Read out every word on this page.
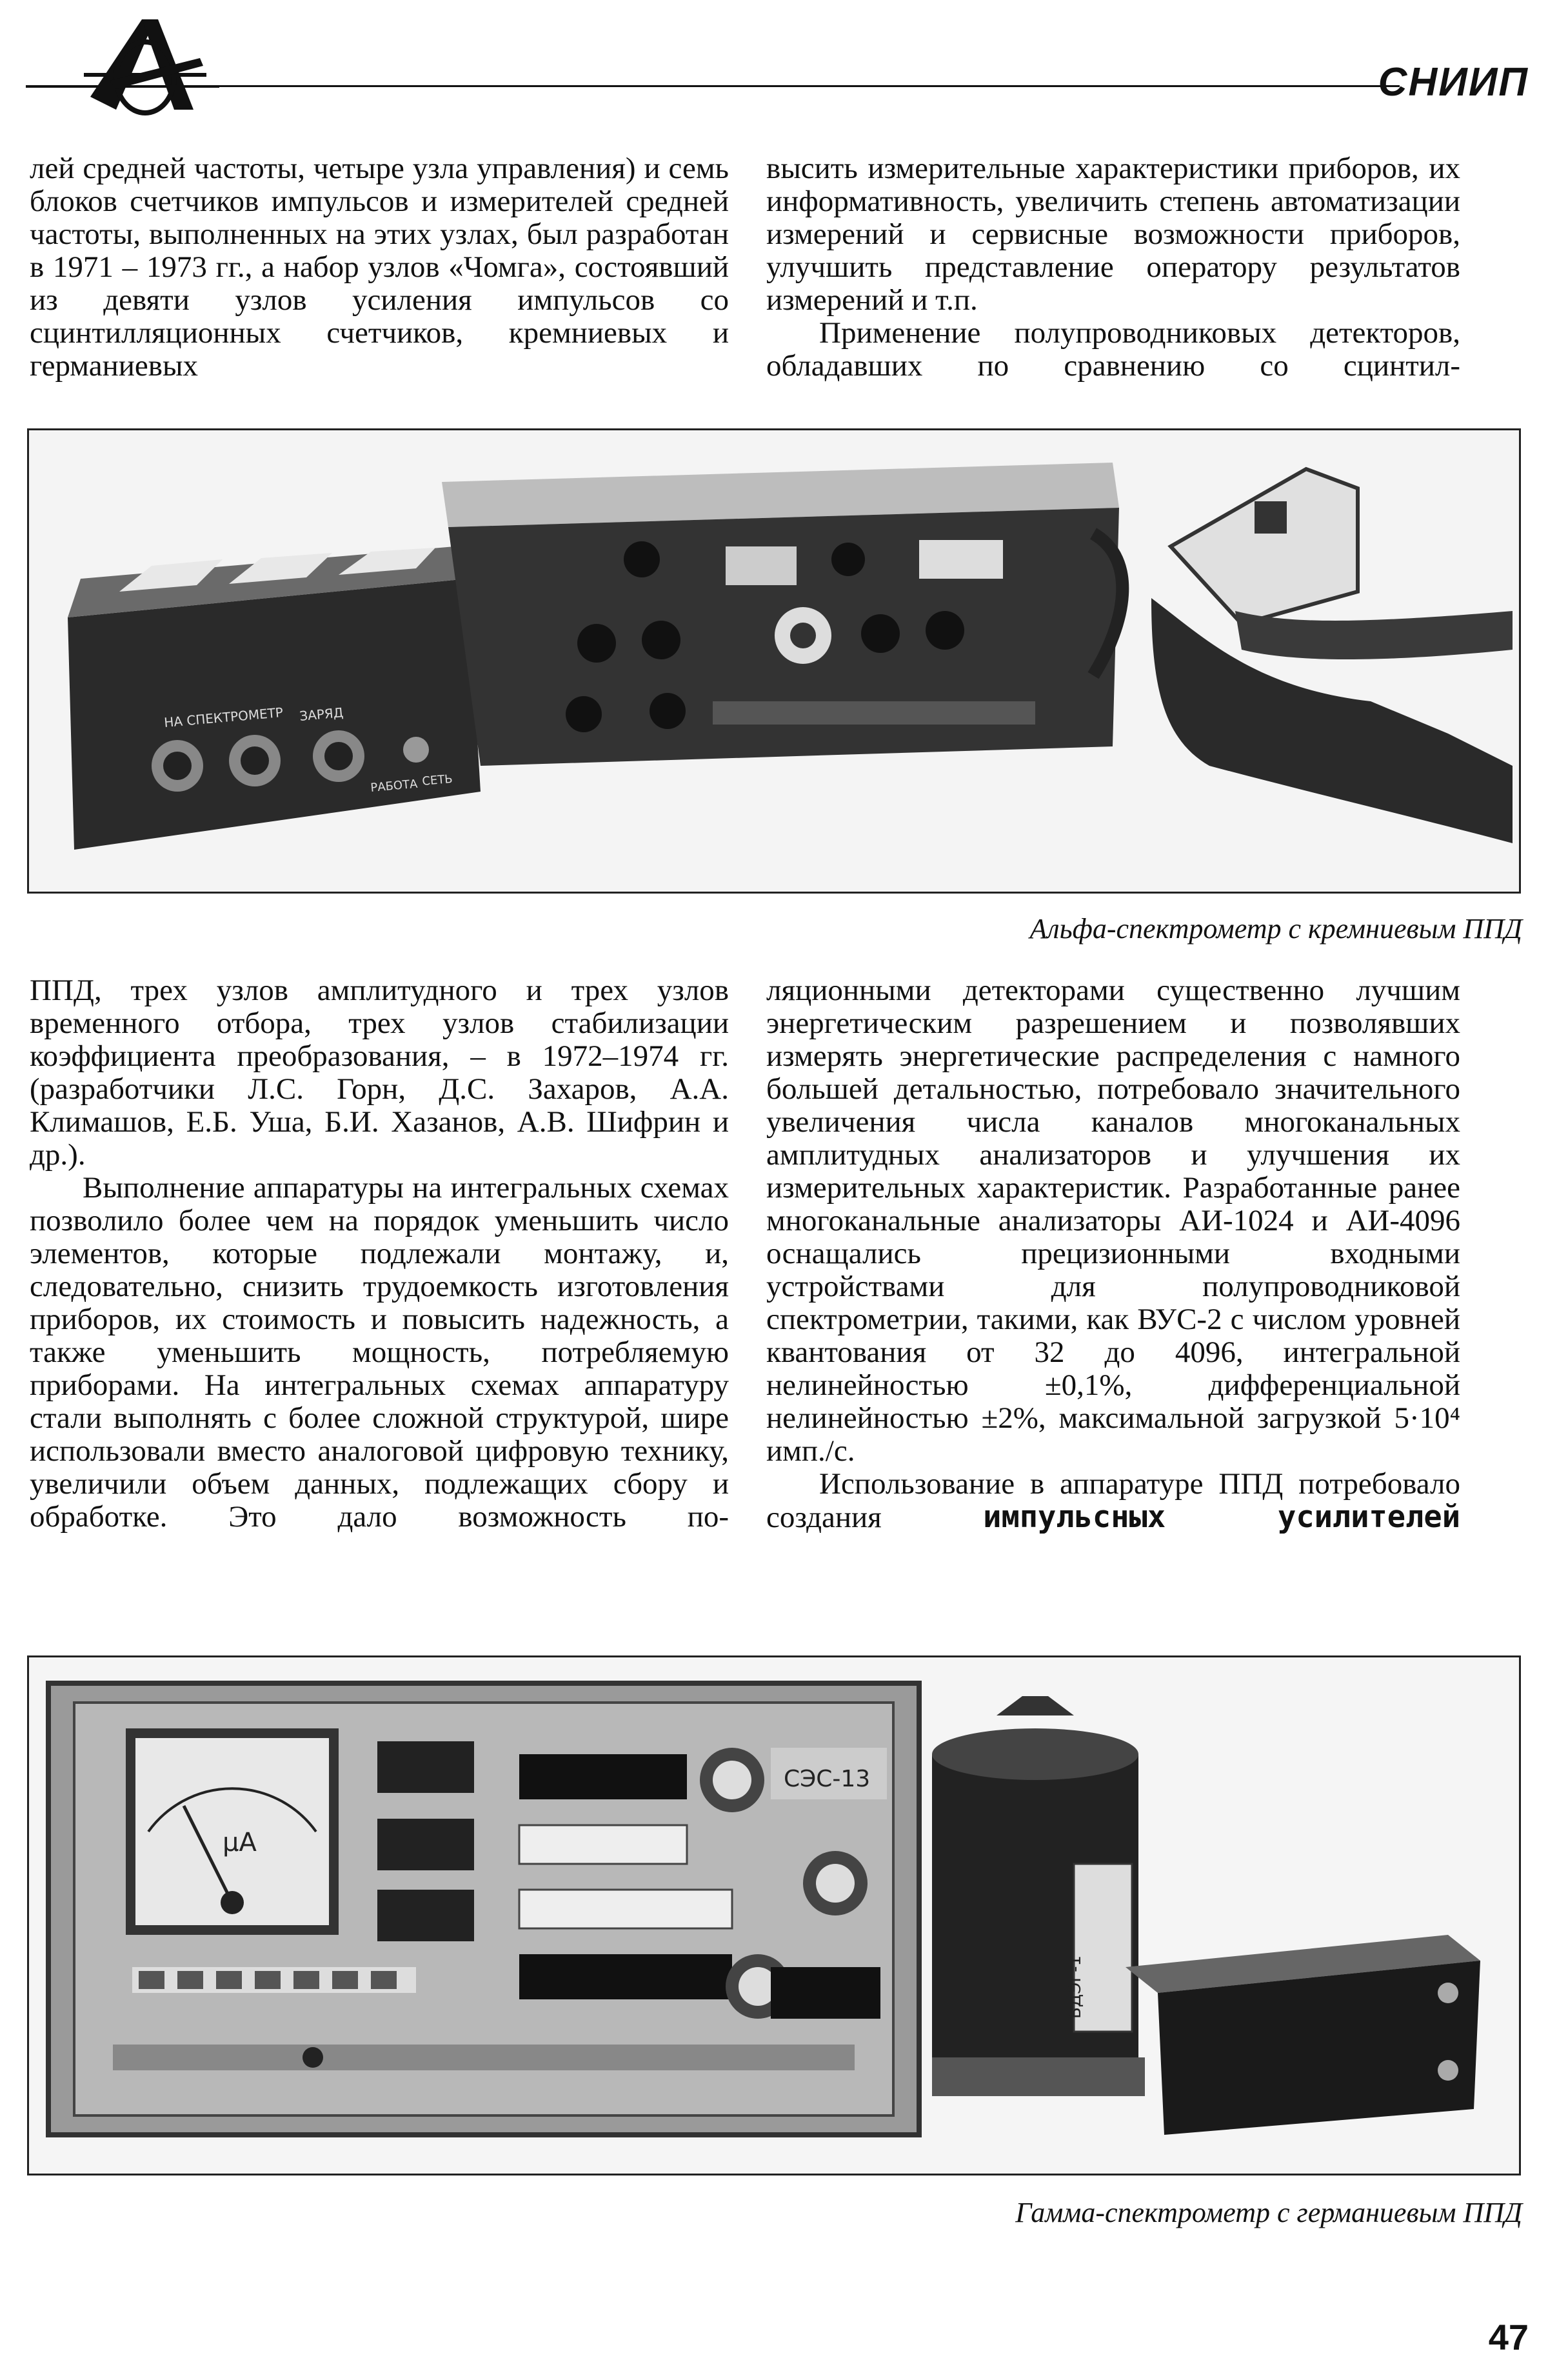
СНИИП

лей средней частоты, четыре узла управления) и семь блоков счетчиков импульсов и измерителей средней частоты, выполненных на этих узлах, был разработан в 1971 – 1973 гг., а набор узлов «Чомга», состоявший из девяти узлов усиления импульсов со сцинтилляционных счетчиков, кремниевых и германиевых

высить измерительные характеристики приборов, их информативность, увеличить степень автоматизации измерений и сервисные возможности приборов, улучшить представление оператору результатов измерений и т.п.

Применение полупроводниковых детекторов, обладавших по сравнению со сцинтил-

НА СПЕКТРОМЕТР ЗАРЯД
РАБОТА СЕТЬ
Альфа-спектрометр с кремниевым ППД

ППД, трех узлов амплитудного и трех узлов временного отбора, трех узлов стабилизации коэффициента преобразования, – в 1972–1974 гг. (разработчики Л.С. Горн, Д.С. Захаров, А.А. Климашов, Е.Б. Уша, Б.И. Хазанов, А.В. Шифрин и др.).

Выполнение аппаратуры на интегральных схемах позволило более чем на порядок уменьшить число элементов, которые подлежали монтажу, и, следовательно, снизить трудоемкость изготовления приборов, их стоимость и повысить надежность, а также уменьшить мощность, потребляемую приборами. На интегральных схемах аппаратуру стали выполнять с более сложной структурой, шире использовали вместо аналоговой цифровую технику, увеличили объем данных, подлежащих сбору и обработке. Это дало возможность по-

ляционными детекторами существенно лучшим энергетическим разрешением и позволявших измерять энергетические распределения с намного большей детальностью, потребовало значительного увеличения числа каналов многоканальных амплитудных анализаторов и улучшения их измерительных характеристик. Разработанные ранее многоканальные анализаторы АИ-1024 и АИ-4096 оснащались прецизионными входными устройствами для полупроводниковой спектрометрии, такими, как ВУС-2 с числом уровней квантования от 32 до 4096, интегральной нелинейностью ±0,1%, дифференциальной нелинейностью ±2%, максимальной загрузкой 5·10⁴ имп./с.

Использование в аппаратуре ППД потребовало создания	импульсных усилителей

μA
СЭС-13
БДЭГ-1
Гамма-спектрометр с германиевым ППД
47
